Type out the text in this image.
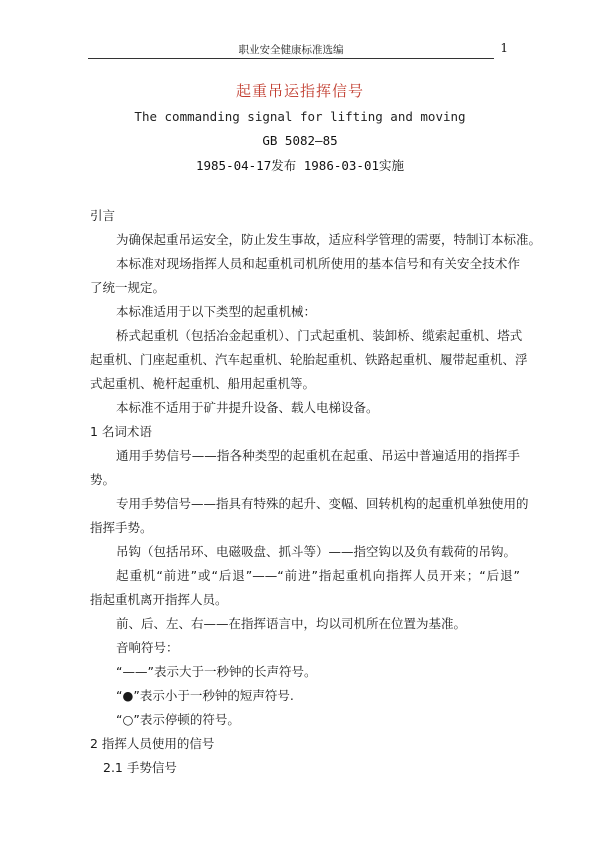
职业安全健康标准选编	1
起重吊运指挥信号
The commanding signal for lifting and moving
GB 5082—85
1985-04-17发布 1986-03-01实施
引言
为确保起重吊运安全，防止发生事故，适应科学管理的需要，特制订本标准。
本标准对现场指挥人员和起重机司机所使用的基本信号和有关安全技术作
了统一规定。
本标准适用于以下类型的起重机械：
桥式起重机（包括冶金起重机）、门式起重机、装卸桥、缆索起重机、塔式
起重机、门座起重机、汽车起重机、轮胎起重机、铁路起重机、履带起重机、浮
式起重机、桅杆起重机、船用起重机等。
本标准不适用于矿井提升设备、载人电梯设备。
1 名词术语
通用手势信号——指各种类型的起重机在起重、吊运中普遍适用的指挥手
势。
专用手势信号——指具有特殊的起升、变幅、回转机构的起重机单独使用的
指挥手势。
吊钩（包括吊环、电磁吸盘、抓斗等）——指空钩以及负有载荷的吊钩。
起重机“前进”或“后退”——“前进”指起重机向指挥人员开来；“后退”
指起重机离开指挥人员。
前、后、左、右——在指挥语言中，均以司机所在位置为基准。
音响符号：
“——”表示大于一秒钟的长声符号。
“●”表示小于一秒钟的短声符号.
“○”表示停顿的符号。
2 指挥人员使用的信号
2.1 手势信号
